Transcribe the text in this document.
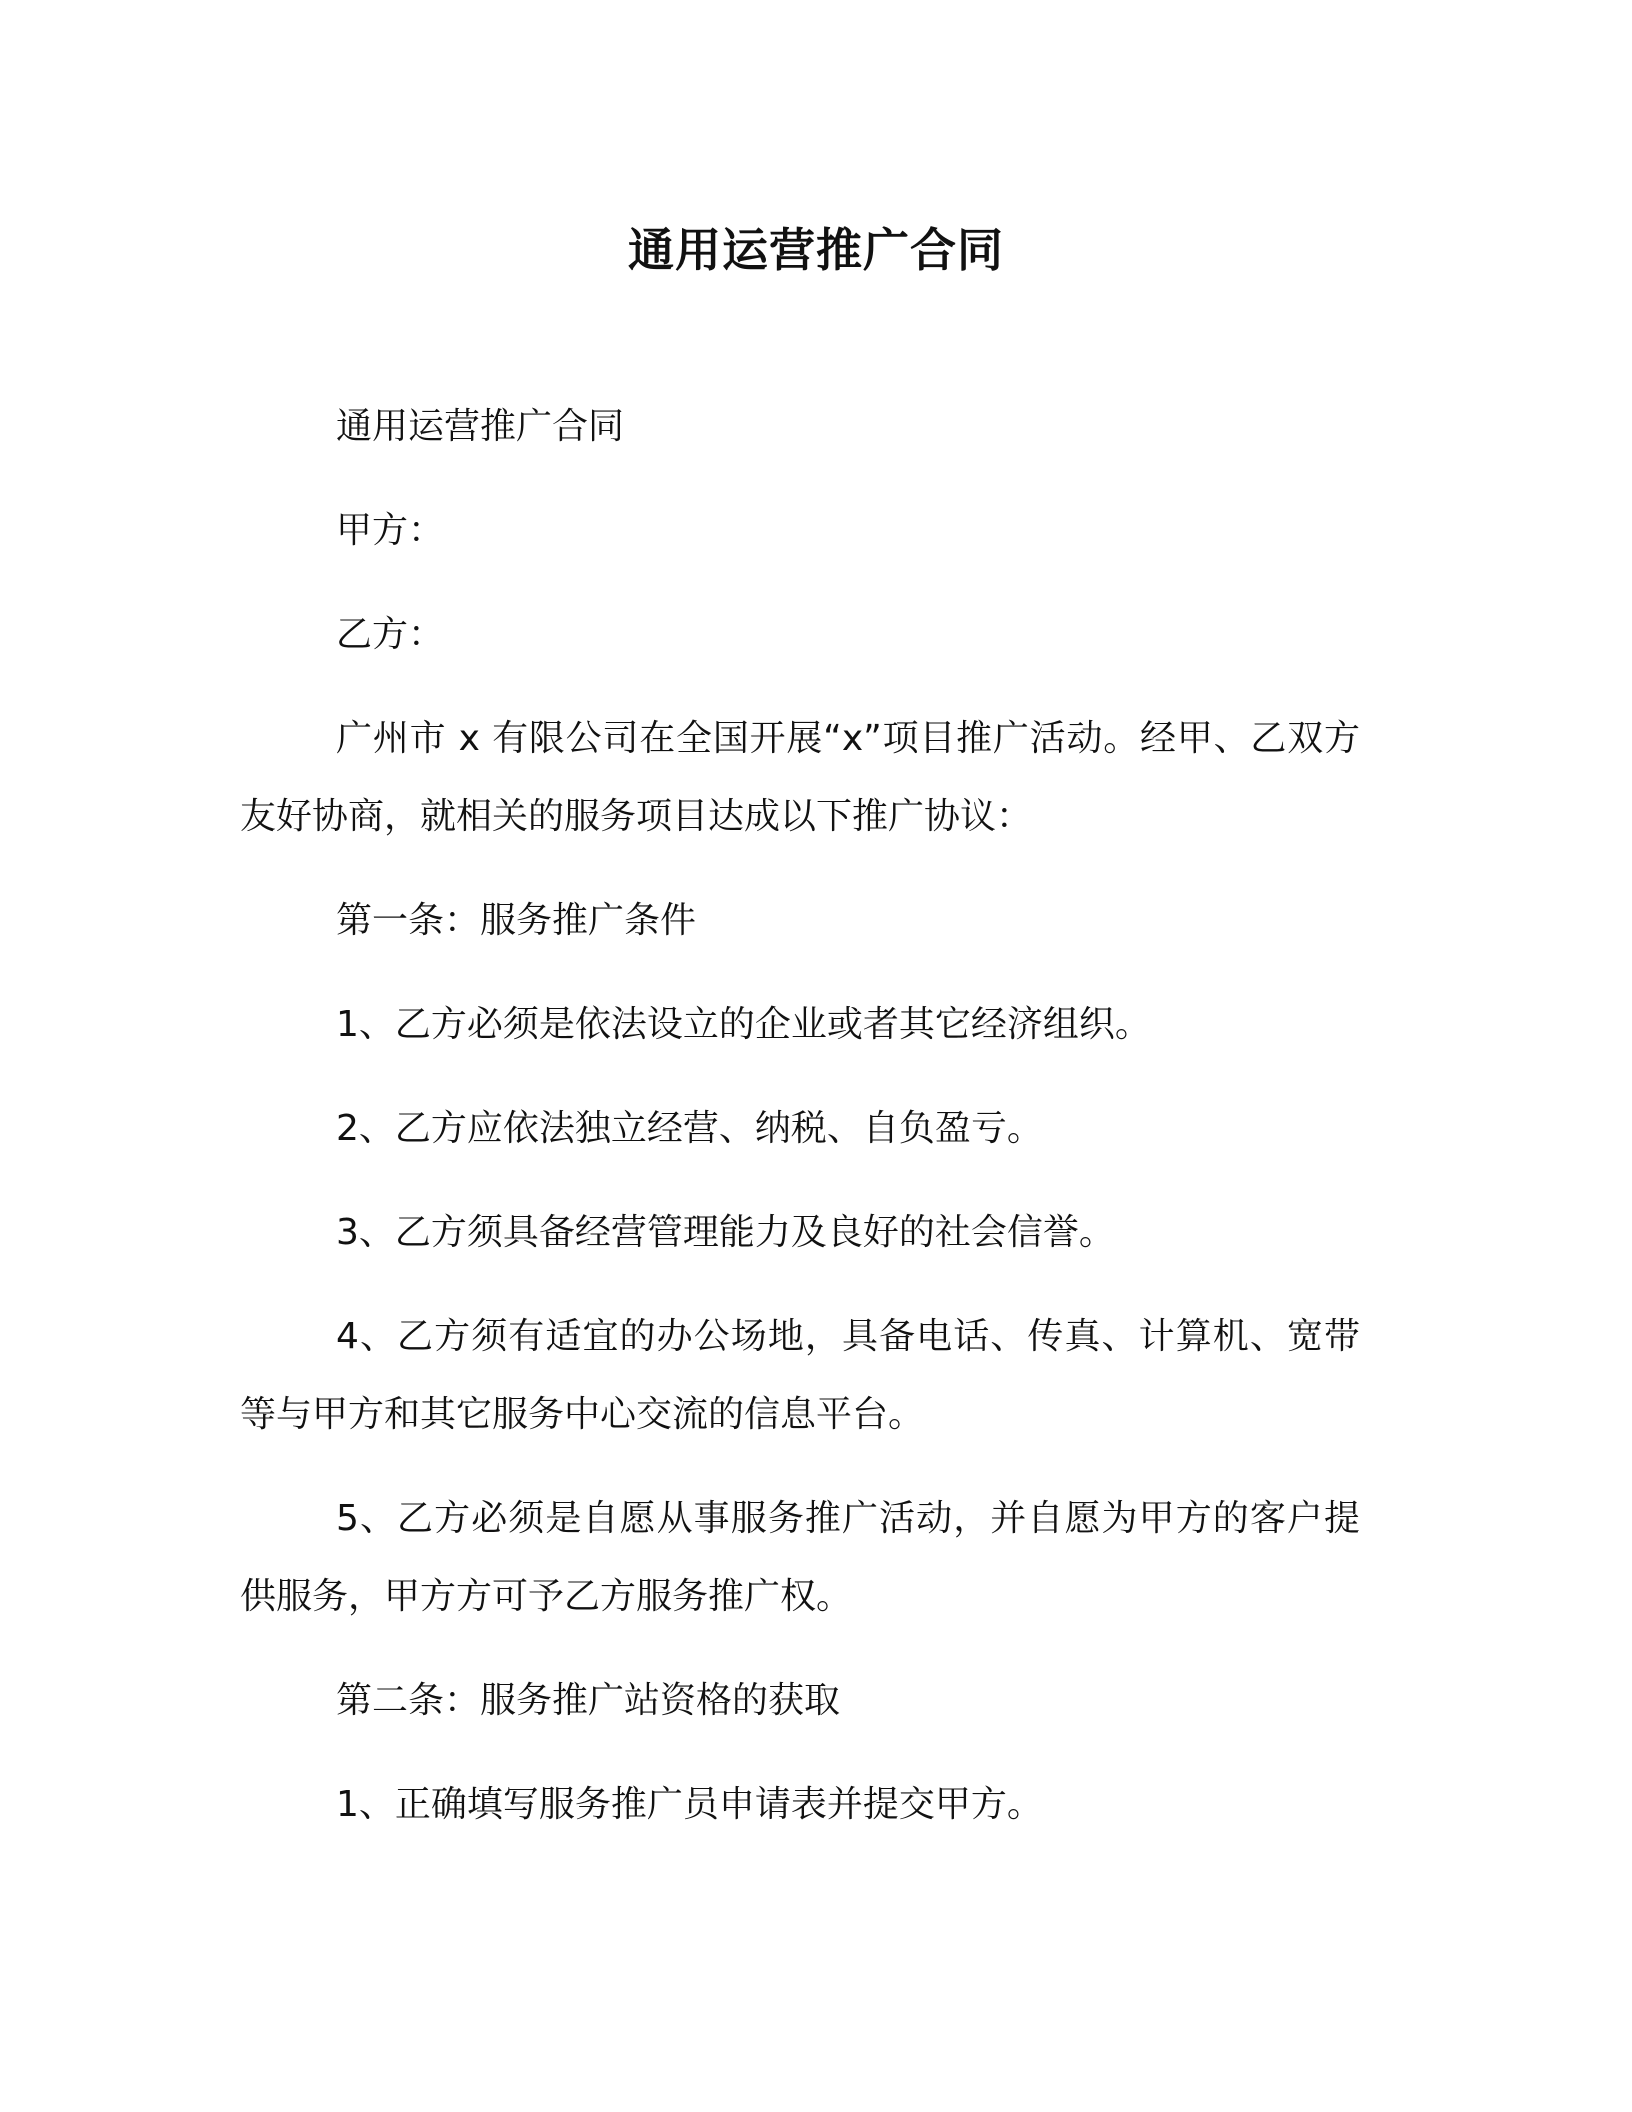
通用运营推广合同

通用运营推广合同

甲方：

乙方：

广州市 x 有限公司在全国开展“x”项目推广活动。经甲、乙双方友好协商，就相关的服务项目达成以下推广协议：

第一条：服务推广条件

1、乙方必须是依法设立的企业或者其它经济组织。

2、乙方应依法独立经营、纳税、自负盈亏。

3、乙方须具备经营管理能力及良好的社会信誉。

4、乙方须有适宜的办公场地，具备电话、传真、计算机、宽带等与甲方和其它服务中心交流的信息平台。

5、乙方必须是自愿从事服务推广活动，并自愿为甲方的客户提供服务，甲方方可予乙方服务推广权。

第二条：服务推广站资格的获取

1、正确填写服务推广员申请表并提交甲方。
